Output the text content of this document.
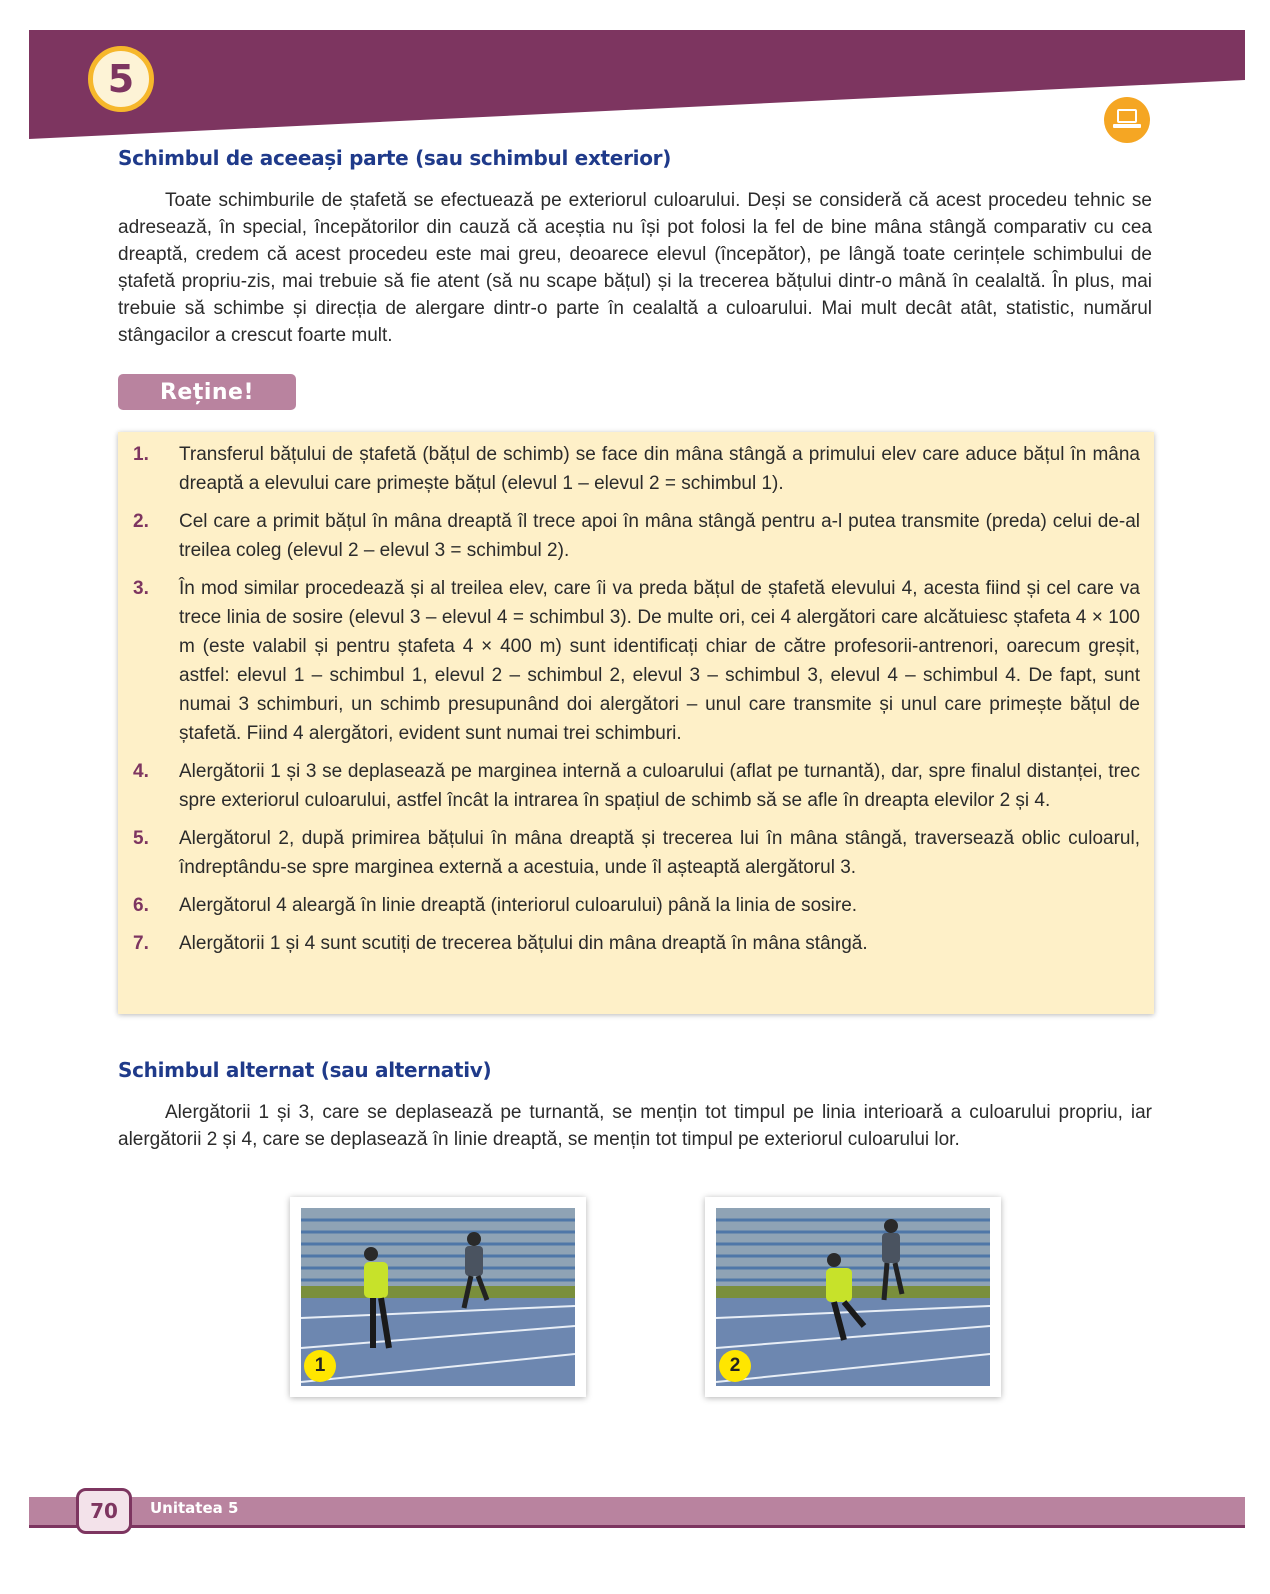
5
Schimbul de aceeași parte (sau schimbul exterior)

Toate schimburile de ștafetă se efectuează pe exteriorul culoarului. Deși se consideră că acest procedeu tehnic se adresează, în special, începătorilor din cauză că aceștia nu își pot folosi la fel de bine mâna stângă comparativ cu cea dreaptă, credem că acest procedeu este mai greu, deoarece elevul (începător), pe lângă toate cerințele schimbului de ștafetă propriu-zis, mai trebuie să fie atent (să nu scape bățul) și la trecerea bățului dintr-o mână în cealaltă. În plus, mai trebuie să schimbe și direcția de alergare dintr-o parte în cealaltă a culoarului. Mai mult decât atât, statistic, numărul stângacilor a crescut foarte mult.

Reține!
1.	Transferul bățului de ștafetă (bățul de schimb) se face din mâna stângă a primului elev care aduce bățul în mâna dreaptă a elevului care primește bățul (elevul 1 – elevul 2 = schimbul 1).
2.	Cel care a primit bățul în mâna dreaptă îl trece apoi în mâna stângă pentru a-l putea transmite (preda) celui de-al treilea coleg (elevul 2 – elevul 3 = schimbul 2).
3.	În mod similar procedează și al treilea elev, care îi va preda bățul de ștafetă elevului 4, acesta fiind și cel care va trece linia de sosire (elevul 3 – elevul 4 = schimbul 3). De multe ori, cei 4 alergători care alcătuiesc ștafeta 4 × 100 m (este valabil și pentru ștafeta 4 × 400 m) sunt identificați chiar de către profesorii-antrenori, oarecum greșit, astfel: elevul 1 – schimbul 1, elevul 2 – schimbul 2, elevul 3 – schimbul 3, elevul 4 – schimbul 4. De fapt, sunt numai 3 schimburi, un schimb presupunând doi alergători – unul care transmite și unul care primește bățul de ștafetă. Fiind 4 alergători, evident sunt numai trei schimburi.
4.	Alergătorii 1 și 3 se deplasează pe marginea internă a culoarului (aflat pe turnantă), dar, spre finalul distanței, trec spre exteriorul culoarului, astfel încât la intrarea în spațiul de schimb să se afle în dreapta elevilor 2 și 4.
5.	Alergătorul 2, după primirea bățului în mâna dreaptă și trecerea lui în mâna stângă, traversează oblic culoarul, îndreptându-se spre marginea externă a acestuia, unde îl așteaptă alergătorul 3.
6.	Alergătorul 4 aleargă în linie dreaptă (interiorul culoarului) până la linia de sosire.
7.	Alergătorii 1 și 4 sunt scutiți de trecerea bățului din mâna dreaptă în mâna stângă.
Schimbul alternat (sau alternativ)

Alergătorii 1 și 3, care se deplasează pe turnantă, se mențin tot timpul pe linia interioară a culoarului propriu, iar alergătorii 2 și 4, care se deplasează în linie dreaptă, se mențin tot timpul pe exteriorul culoarului lor.

1	2
70	Unitatea 5
